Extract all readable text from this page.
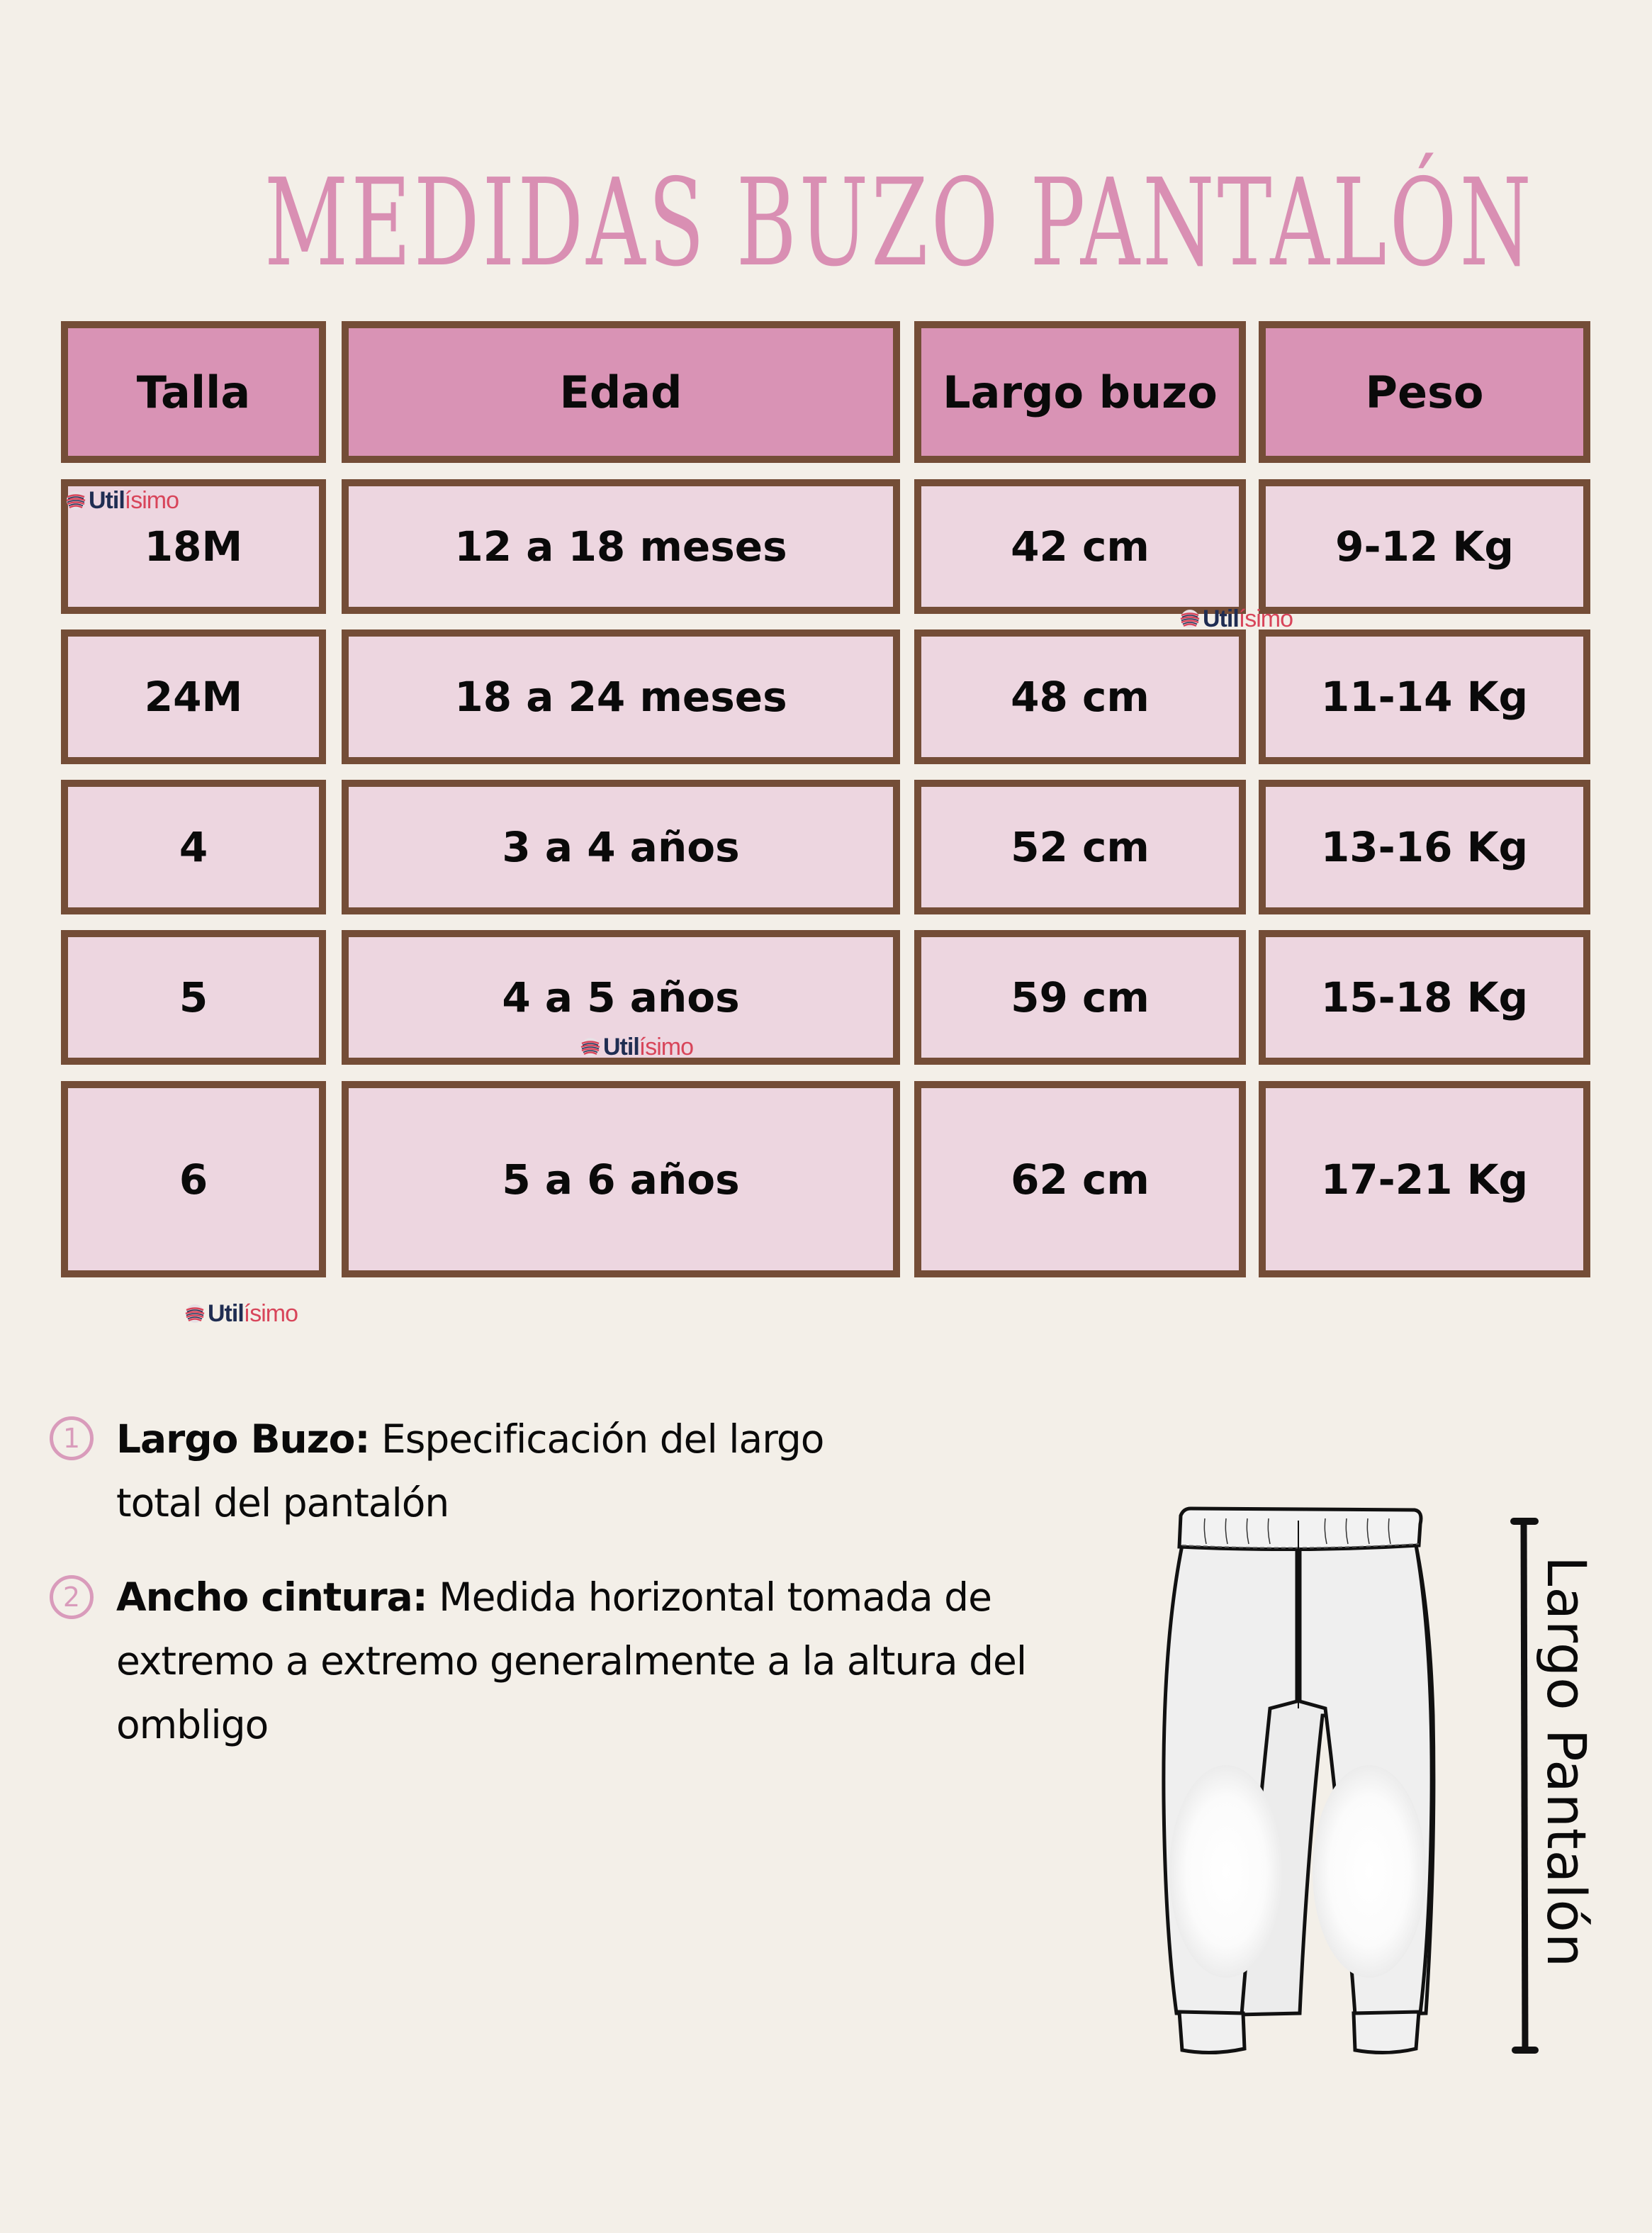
MEDIDAS BUZO PANTALÓN
Talla	Edad	Largo buzo	Peso
18M	12 a 18 meses	42 cm	9-12 Kg
24M	18 a 24 meses	48 cm	11-14 Kg
4	3 a 4 años	52 cm	13-16 Kg
5	4 a 5 años	59 cm	15-18 Kg
6	5 a 6 años	62 cm	17-21 Kg
Util ísimo
Util ísimo
Util ísimo
Util ísimo
1 Largo Buzo: Especificación del largo
total del pantalón
2 Ancho cintura: Medida horizontal tomada de
extremo a extremo generalmente a la altura del
ombligo	Largo Pantalón
